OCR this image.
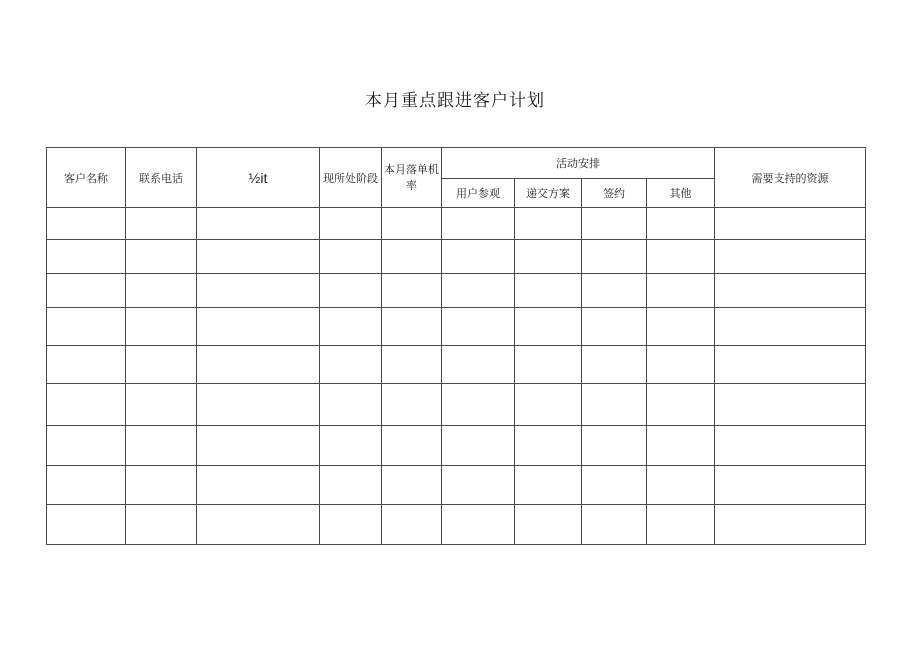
本月重点跟进客户计划
客户名称	联系电话	½it	现所处阶段	本月落单机率	活动安排				需要支持的资源
					用户参观	递交方案	签约	其他	
